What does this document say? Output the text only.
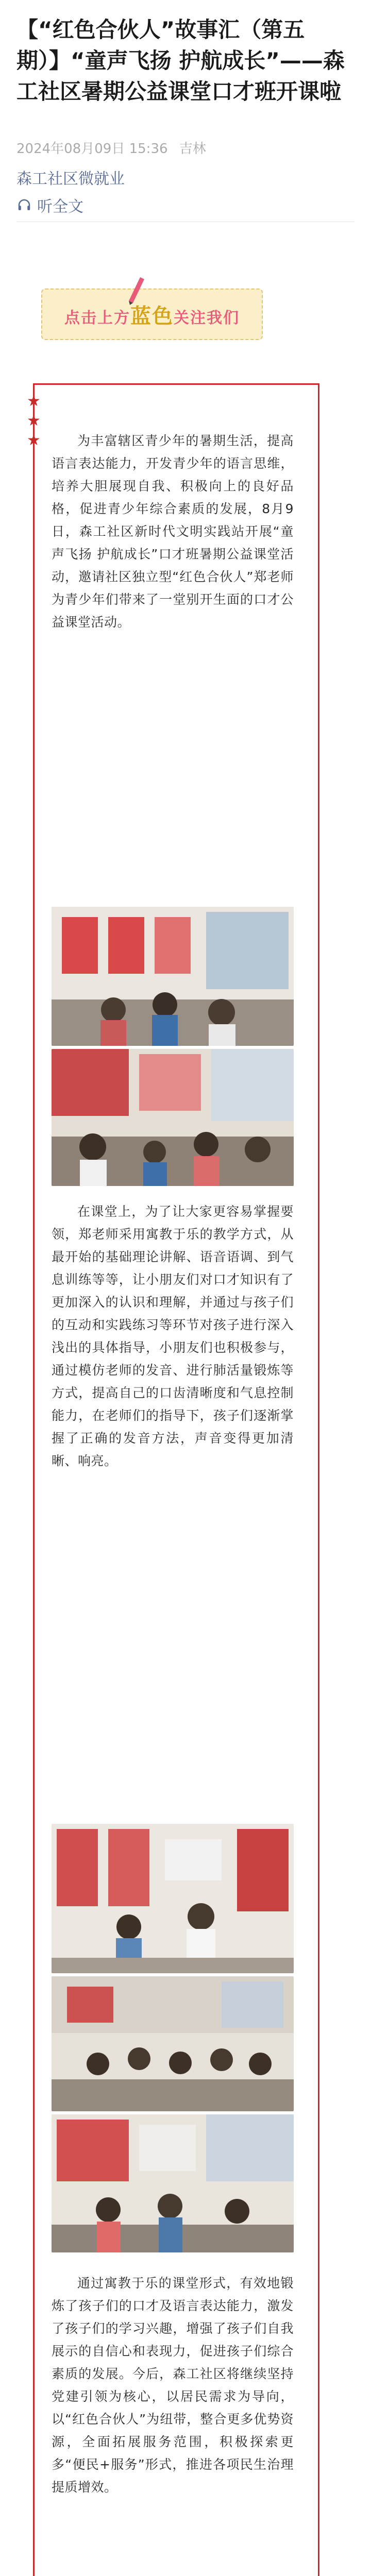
【“红色合伙人”故事汇（第五期）】“童声飞扬 护航成长”——森工社区暑期公益课堂口才班开课啦
2024年08月09日 15:36 吉林
森工社区微就业
听全文
点击上方蓝色关注我们
★
★
★	为丰富辖区青少年的暑期生活，提高语言表达能力，开发青少年的语言思维，培养大胆展现自我、积极向上的良好品格，促进青少年综合素质的发展，8月9日，森工社区新时代文明实践站开展“童声飞扬 护航成长”口才班暑期公益课堂活动，邀请社区独立型“红色合伙人”郑老师为青少年们带来了一堂别开生面的口才公益课堂活动。
在课堂上，为了让大家更容易掌握要领，郑老师采用寓教于乐的教学方式，从最开始的基础理论讲解、语音语调、到气息训练等等，让小朋友们对口才知识有了更加深入的认识和理解，并通过与孩子们的互动和实践练习等环节对孩子进行深入浅出的具体指导，小朋友们也积极参与，通过模仿老师的发音、进行肺活量锻炼等方式，提高自己的口齿清晰度和气息控制能力，在老师们的指导下，孩子们逐渐掌握了正确的发音方法，声音变得更加清晰、响亮。
通过寓教于乐的课堂形式，有效地锻炼了孩子们的口才及语言表达能力，激发了孩子们的学习兴趣，增强了孩子们自我展示的自信心和表现力，促进孩子们综合素质的发展。今后，森工社区将继续坚持党建引领为核心，以居民需求为导向，以“红色合伙人”为纽带，整合更多优势资源，全面拓展服务范围，积极探索更多“便民+服务”形式，推进各项民生治理提质增效。
